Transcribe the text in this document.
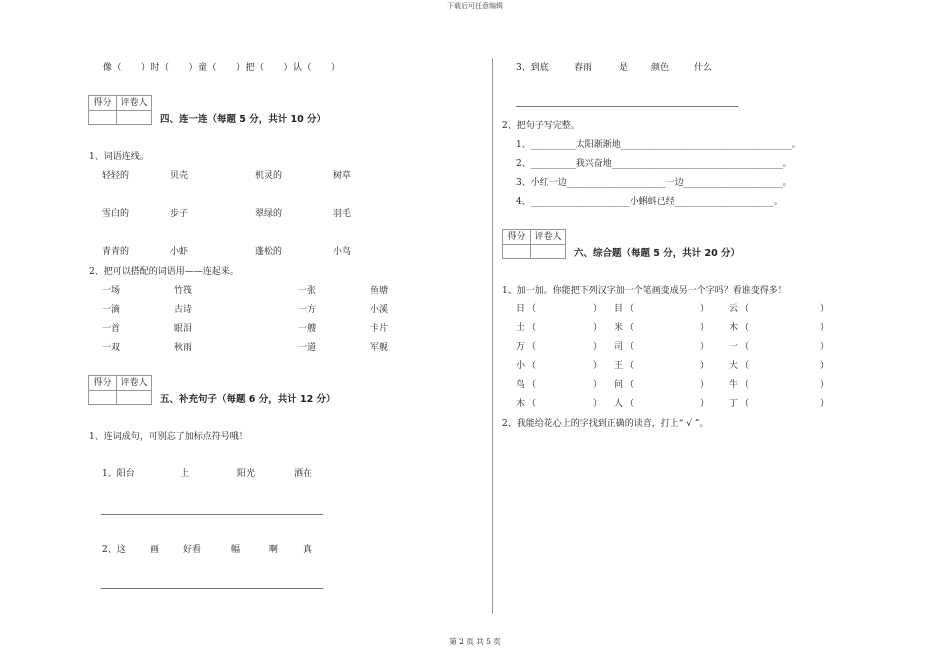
下载后可任意编辑
像（　　）时（　　）童（　　）把（　　）认（　　）
得分 评卷人
四、连一连（每题 5 分，共计 10 分）
1、词语连线。
轻轻的	贝壳	机灵的	树草
雪白的	步子	翠绿的	羽毛
青青的	小虾	蓬松的	小鸟
2、把可以搭配的词语用——连起来。
一场	竹筏	一张	鱼塘
一滴	古诗	一方	小溪
一首	眼泪	一艘	卡片
一双	秋雨	一道	军舰
得分 评卷人
五、补充句子（每题 6 分，共计 12 分）
1、连词成句，可别忘了加标点符号哦！
1、阳台	上	阳光	洒在
2、这	画	好看	幅	啊	真
3、到底	春雨	是	颜色	什么
2、把句子写完整。
1、__________太阳渐渐地______________________________________。
2、__________我兴奋地______________________________________。
3、小红一边______________________一边______________________。
4、______________________小蝌蚪已经______________________。
得分 评卷人
六、综合题（每题 5 分，共计 20 分）
1、加一加。你能把下列汉字加一个笔画变成另一个字吗？看谁变得多！
日 （	） 目 （	） 云 （	）
土 （	） 米 （	） 木 （	）
万 （	） 司 （	） 一 （	）
小 （	） 王 （	） 大 （	）
鸟 （	） 问 （	） 牛 （	）
木 （	） 人 （	） 丁 （	）
2、我能给花心上的字找到正确的读音，打上“ √ ”。
第 2 页 共 5 页
